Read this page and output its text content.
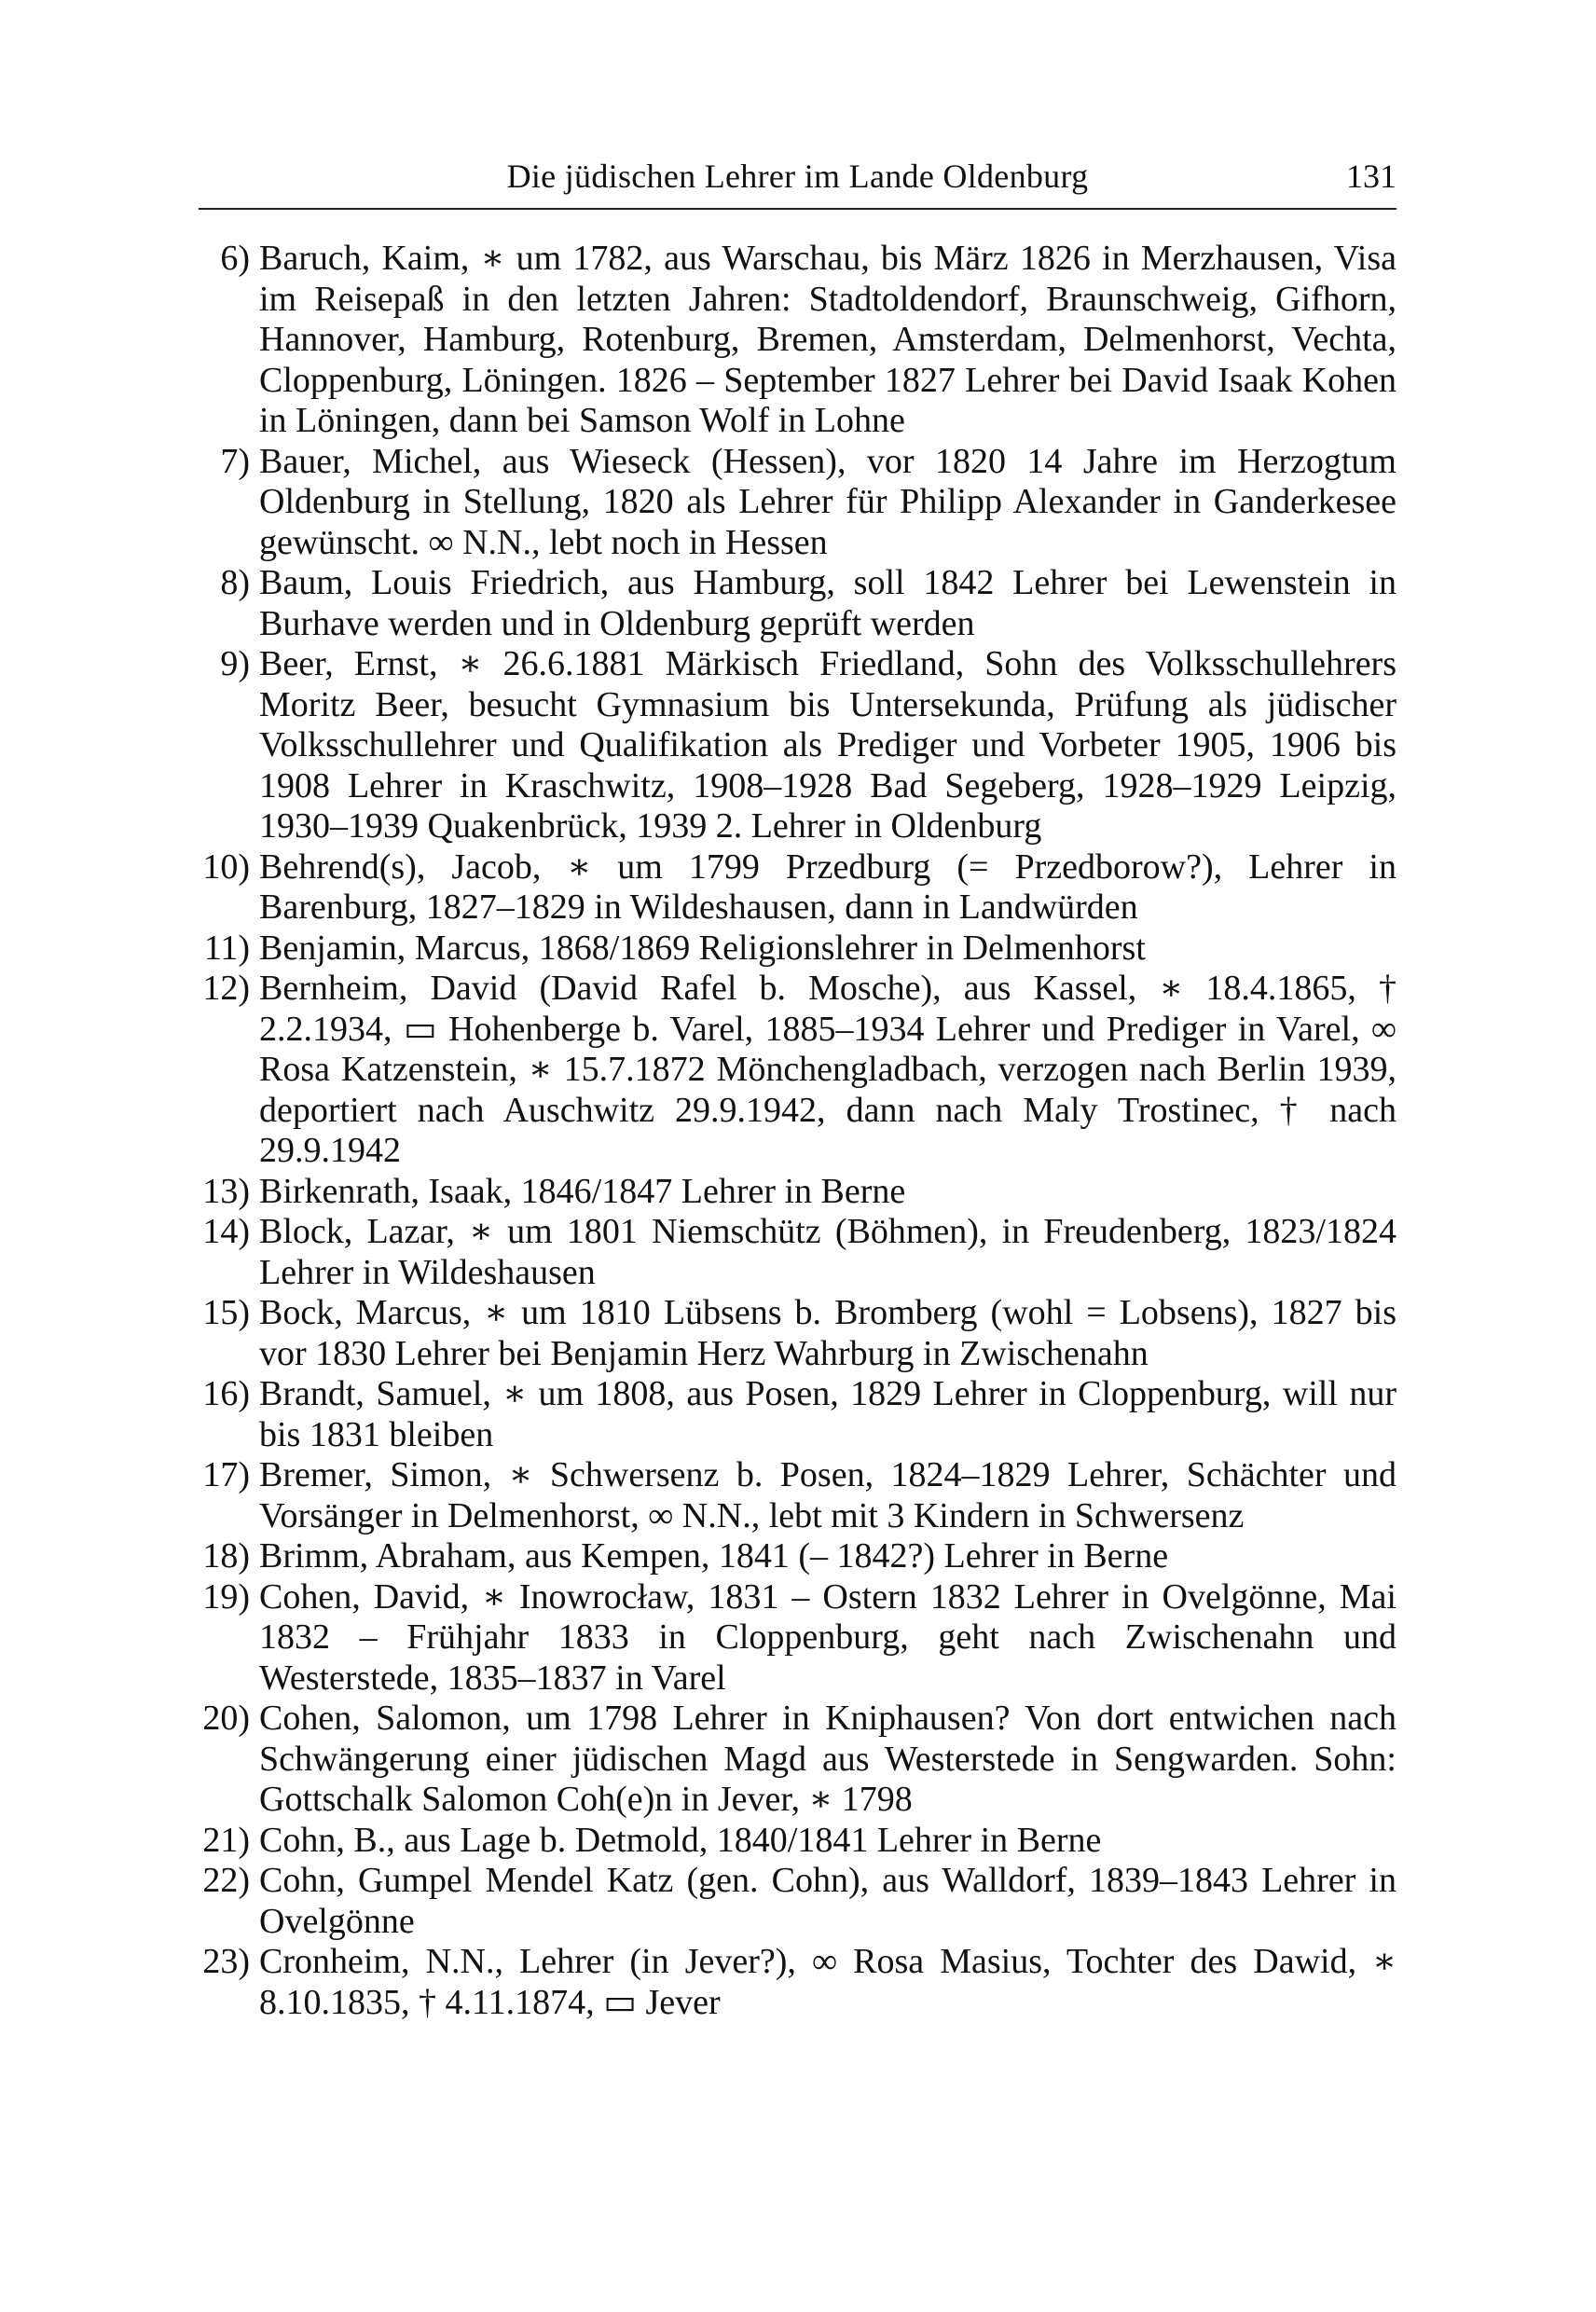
Die jüdischen Lehrer im Lande Oldenburg	131
6) Baruch, Kaim, ∗ um 1782, aus Warschau, bis März 1826 in Merzhausen, Visa im Reisepaß in den letzten Jahren: Stadtoldendorf, Braunschweig, Gifhorn, Hannover, Hamburg, Rotenburg, Bremen, Amsterdam, Delmenhorst, Vechta, Cloppenburg, Löningen. 1826 – September 1827 Lehrer bei David Isaak Kohen in Löningen, dann bei Samson Wolf in Lohne
7) Bauer, Michel, aus Wieseck (Hessen), vor 1820 14 Jahre im Herzogtum Oldenburg in Stellung, 1820 als Lehrer für Philipp Alexander in Ganderkesee gewünscht. ∞ N.N., lebt noch in Hessen
8) Baum, Louis Friedrich, aus Hamburg, soll 1842 Lehrer bei Lewenstein in Burhave werden und in Oldenburg geprüft werden
9) Beer, Ernst, ∗ 26.6.1881 Märkisch Friedland, Sohn des Volksschullehrers Moritz Beer, besucht Gymnasium bis Untersekunda, Prüfung als jüdischer Volksschullehrer und Qualifikation als Prediger und Vorbeter 1905, 1906 bis 1908 Lehrer in Kraschwitz, 1908–1928 Bad Segeberg, 1928–1929 Leipzig, 1930–1939 Quakenbrück, 1939 2. Lehrer in Oldenburg
10) Behrend(s), Jacob, ∗ um 1799 Przedburg (= Przedborow?), Lehrer in Barenburg, 1827–1829 in Wildeshausen, dann in Landwürden
11) Benjamin, Marcus, 1868/1869 Religionslehrer in Delmenhorst
12) Bernheim, David (David Rafel b. Mosche), aus Kassel, ∗ 18.4.1865, † 2.2.1934, ▭ Hohenberge b. Varel, 1885–1934 Lehrer und Prediger in Varel, ∞ Rosa Katzenstein, ∗ 15.7.1872 Mönchengladbach, verzogen nach Berlin 1939, deportiert nach Auschwitz 29.9.1942, dann nach Maly Trostinec, † nach 29.9.1942
13) Birkenrath, Isaak, 1846/1847 Lehrer in Berne
14) Block, Lazar, ∗ um 1801 Niemschütz (Böhmen), in Freudenberg, 1823/1824 Lehrer in Wildeshausen
15) Bock, Marcus, ∗ um 1810 Lübsens b. Bromberg (wohl = Lobsens), 1827 bis vor 1830 Lehrer bei Benjamin Herz Wahrburg in Zwischenahn
16) Brandt, Samuel, ∗ um 1808, aus Posen, 1829 Lehrer in Cloppenburg, will nur bis 1831 bleiben
17) Bremer, Simon, ∗ Schwersenz b. Posen, 1824–1829 Lehrer, Schächter und Vorsänger in Delmenhorst, ∞ N.N., lebt mit 3 Kindern in Schwersenz
18) Brimm, Abraham, aus Kempen, 1841 (– 1842?) Lehrer in Berne
19) Cohen, David, ∗ Inowrocław, 1831 – Ostern 1832 Lehrer in Ovelgönne, Mai 1832 – Frühjahr 1833 in Cloppenburg, geht nach Zwischenahn und Westerstede, 1835–1837 in Varel
20) Cohen, Salomon, um 1798 Lehrer in Kniphausen? Von dort entwichen nach Schwängerung einer jüdischen Magd aus Westerstede in Sengwarden. Sohn: Gottschalk Salomon Coh(e)n in Jever, ∗ 1798
21) Cohn, B., aus Lage b. Detmold, 1840/1841 Lehrer in Berne
22) Cohn, Gumpel Mendel Katz (gen. Cohn), aus Walldorf, 1839–1843 Lehrer in Ovelgönne
23) Cronheim, N.N., Lehrer (in Jever?), ∞ Rosa Masius, Tochter des Dawid, ∗ 8.10.1835, † 4.11.1874, ▭ Jever
